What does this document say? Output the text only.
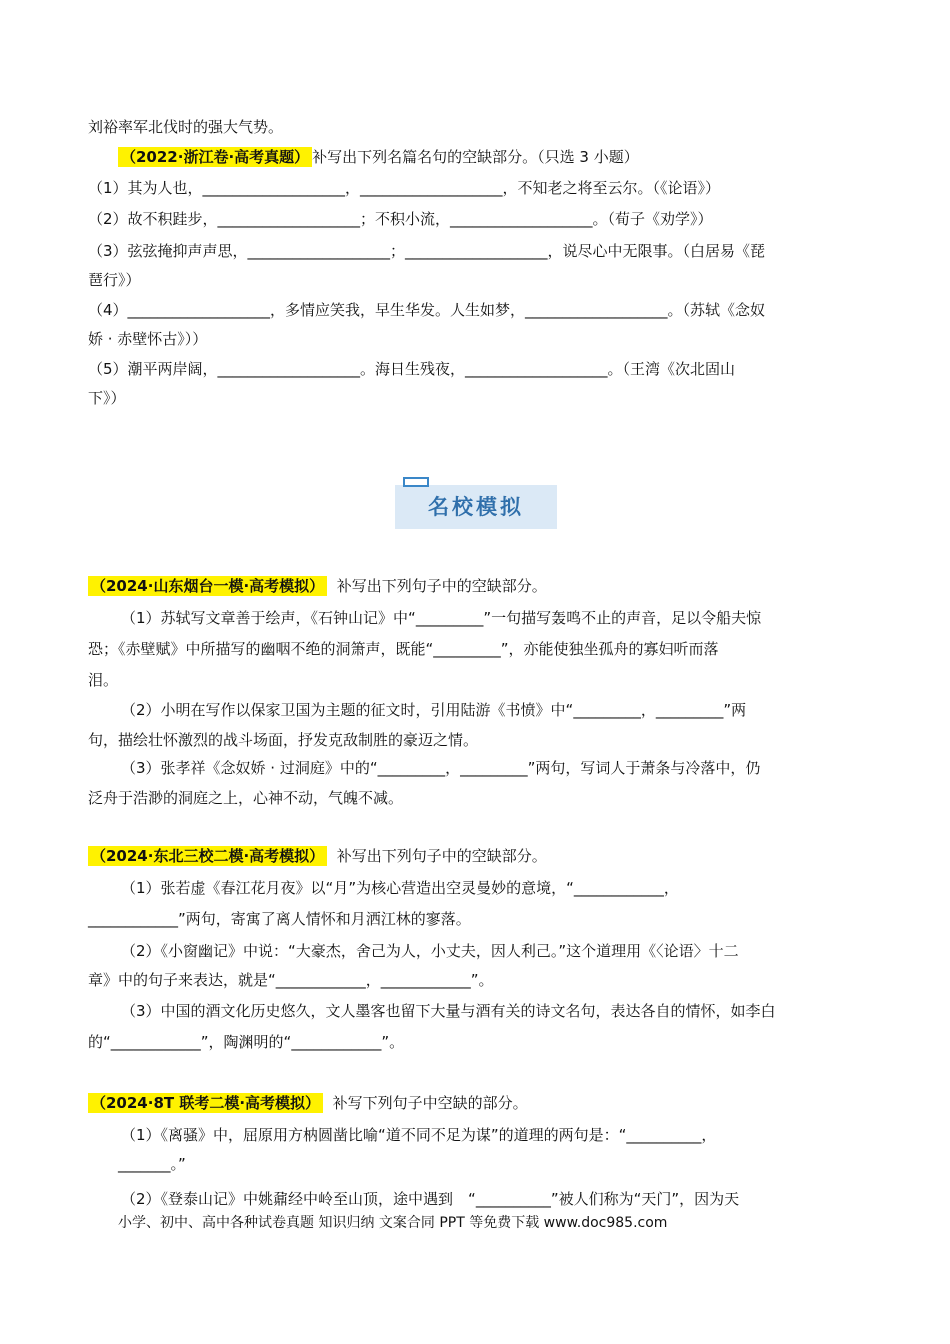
刘裕率军北伐时的强大气势。
（2022·浙江卷·高考真题） 补写出下列名篇名句的空缺部分。（只选 3 小题）
（1）其为人也，___________________，___________________，不知老之将至云尔。（《论语》）
（2）故不积跬步，___________________；不积小流，___________________。（荀子《劝学》）
（3）弦弦掩抑声声思，___________________；___________________，说尽心中无限事。（白居易《琵
琶行》）
（4）___________________，多情应笑我，早生华发。人生如梦，___________________。（苏轼《念奴
娇 · 赤壁怀古》））
（5）潮平两岸阔，___________________。海日生残夜，___________________。（王湾《次北固山
下》）
名校模拟
（2024·山东烟台一模·高考模拟） 补写出下列句子中的空缺部分。
（1）苏轼写文章善于绘声，《石钟山记》中“_________”一句描写轰鸣不止的声音，足以令船夫惊
恐；《赤壁赋》中所描写的幽咽不绝的洞箫声，既能“_________”，亦能使独坐孤舟的寡妇听而落
泪。
（2）小明在写作以保家卫国为主题的征文时，引用陆游《书愤》中“_________，_________”两
句，描绘壮怀激烈的战斗场面，抒发克敌制胜的豪迈之情。
（3）张孝祥《念奴娇 · 过洞庭》中的“_________，_________”两句，写词人于萧条与冷落中，仍
泛舟于浩渺的洞庭之上，心神不动，气魄不减。
（2024·东北三校二模·高考模拟） 补写出下列句子中的空缺部分。
（1）张若虚《春江花月夜》以“月”为核心营造出空灵曼妙的意境，“____________，
____________”两句，寄寓了离人情怀和月洒江林的寥落。
（2）《小窗幽记》中说：“大豪杰，舍己为人，小丈夫，因人利己。”这个道理用《〈论语〉十二
章》中的句子来表达，就是“____________，____________”。
（3）中国的酒文化历史悠久，文人墨客也留下大量与酒有关的诗文名句，表达各自的情怀，如李白
的“____________”，陶渊明的“____________”。
（2024·8T 联考二模·高考模拟） 补写下列句子中空缺的部分。
（1）《离骚》中，屈原用方枘圆凿比喻“道不同不足为谋”的道理的两句是：“__________，
_______。”
（2）《登泰山记》中姚鼐经中岭至山顶，途中遇到　“__________”被人们称为“天门”，因为天
小学、初中、高中各种试卷真题 知识归纳 文案合同 PPT 等免费下载 www.doc985.com
